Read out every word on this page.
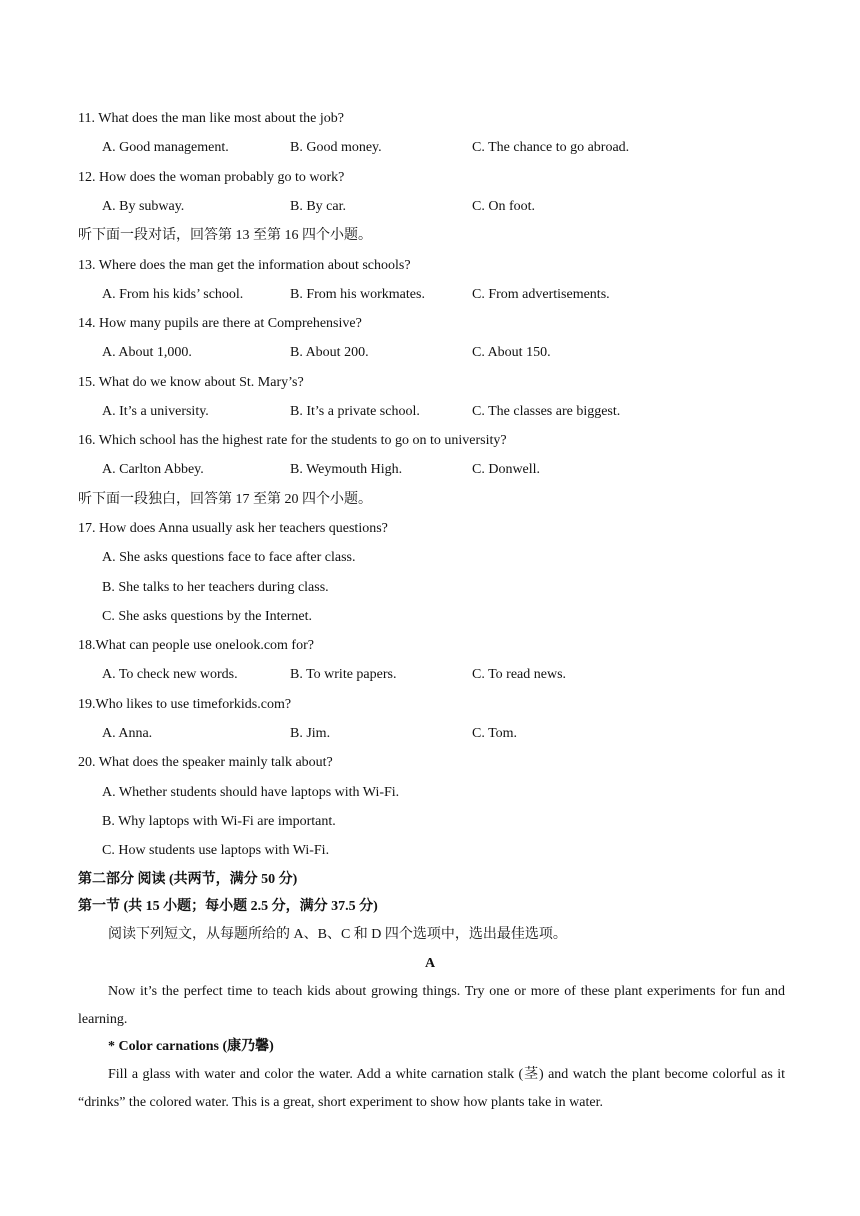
11. What does the man like most about the job?
A. Good management.	B. Good money.	C. The chance to go abroad.
12. How does the woman probably go to work?
A. By subway.	B. By car.	C. On foot.
听下面一段对话，回答第 13 至第 16 四个小题。
13. Where does the man get the information about schools?
A. From his kids’ school.	B. From his workmates.	C. From advertisements.
14. How many pupils are there at Comprehensive?
A. About 1,000.	B. About 200.	C. About 150.
15. What do we know about St. Mary’s?
A. It’s a university.	B. It’s a private school.	C. The classes are biggest.
16. Which school has the highest rate for the students to go on to university?
A. Carlton Abbey.	B. Weymouth High.	C. Donwell.
听下面一段独白，回答第 17 至第 20 四个小题。
17. How does Anna usually ask her teachers questions?
A. She asks questions face to face after class.
B. She talks to her teachers during class.
C. She asks questions by the Internet.
18.What can people use onelook.com for?
A. To check new words.	B. To write papers.	C. To read news.
19.Who likes to use timeforkids.com?
A. Anna.	B. Jim.	C. Tom.
20. What does the speaker mainly talk about?
A. Whether students should have laptops with Wi-Fi.
B. Why laptops with Wi-Fi are important.
C. How students use laptops with Wi-Fi.
第二部分 阅读 (共两节，满分 50 分)
第一节 (共 15 小题；每小题 2.5 分，满分 37.5 分)
阅读下列短文，从每题所给的 A、B、C 和 D 四个选项中，选出最佳选项。
A
Now it’s the perfect time to teach kids about growing things. Try one or more of these plant experiments for fun and learning.
* Color carnations (康乃馨)
Fill a glass with water and color the water. Add a white carnation stalk (茎) and watch the plant become colorful as it “drinks” the colored water. This is a great, short experiment to show how plants take in water.
